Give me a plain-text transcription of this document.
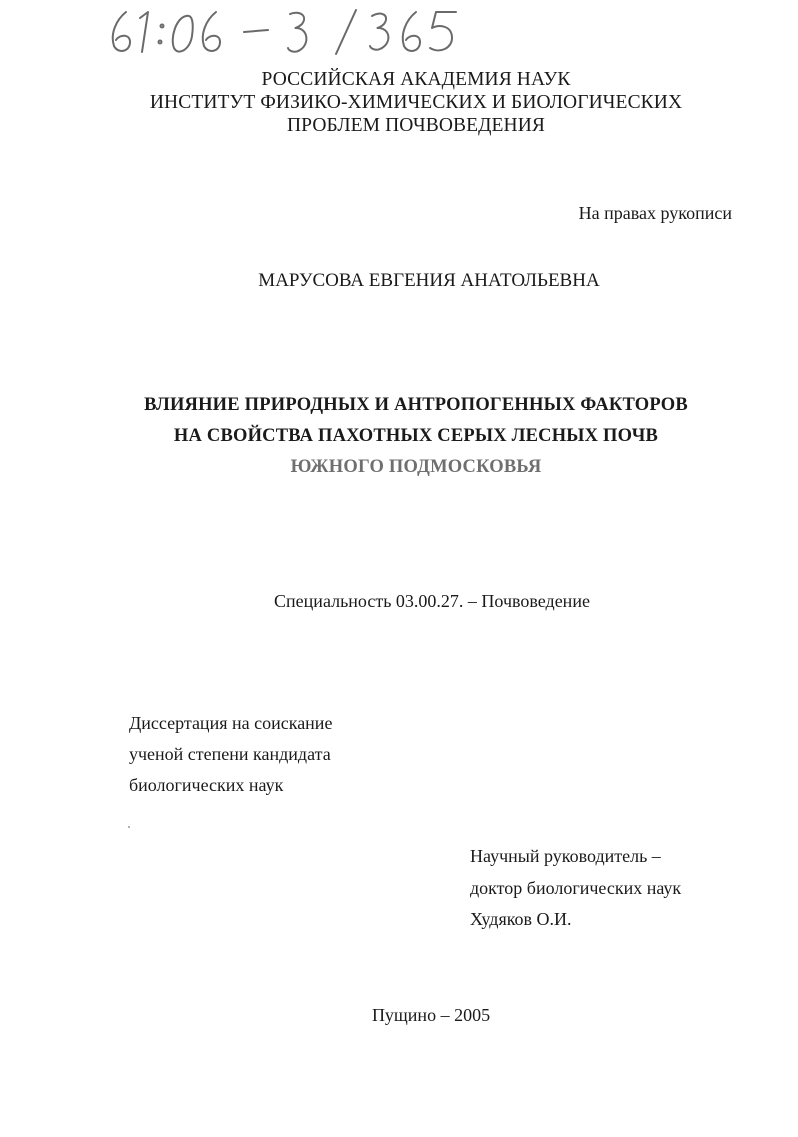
РОССИЙСКАЯ АКАДЕМИЯ НАУК
ИНСТИТУТ ФИЗИКО-ХИМИЧЕСКИХ И БИОЛОГИЧЕСКИХ
ПРОБЛЕМ ПОЧВОВЕДЕНИЯ
На правах рукописи
МАРУСОВА ЕВГЕНИЯ АНАТОЛЬЕВНА
ВЛИЯНИЕ ПРИРОДНЫХ И АНТРОПОГЕННЫХ ФАКТОРОВ
НА СВОЙСТВА ПАХОТНЫХ СЕРЫХ ЛЕСНЫХ ПОЧВ
ЮЖНОГО ПОДМОСКОВЬЯ
Специальность 03.00.27. – Почвоведение
Диссертация на соискание
ученой степени кандидата
биологических наук
Научный руководитель –
доктор биологических наук
Худяков О.И.
Пущино – 2005
